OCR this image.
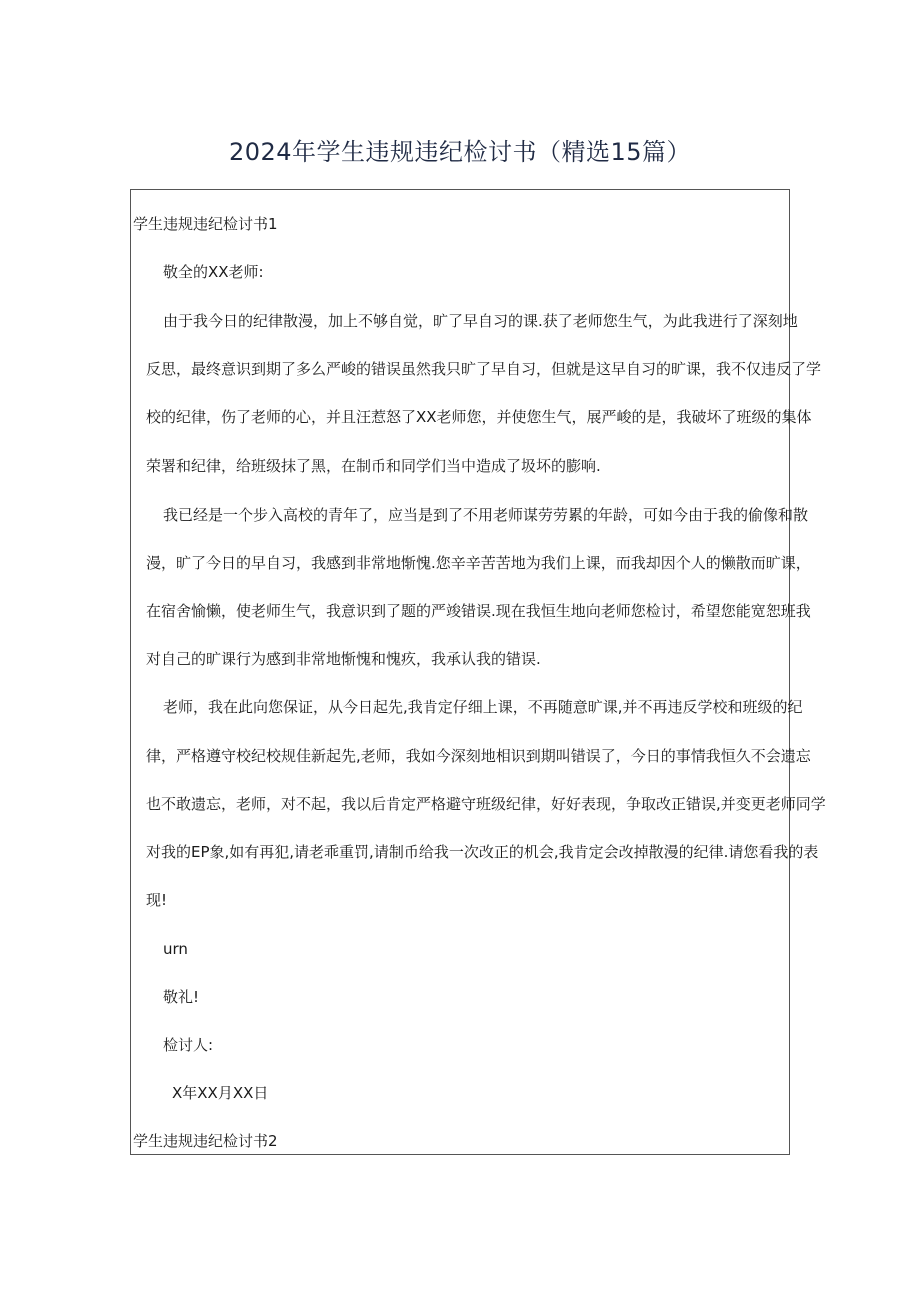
2024年学生违规违纪检讨书（精选15篇）
学生违规违纪检讨书1
敬全的XX老师:
由于我今日的纪律散漫，加上不够自觉，旷了早自习的课.获了老师您生气，为此我进行了深刻地
反思，最终意识到期了多么严峻的错误虽然我只旷了早自习，但就是这早自习的旷课，我不仅违反了学
校的纪律，伤了老师的心，并且汪惹怒了XX老师您，并使您生气，展严峻的是，我破坏了班级的集体
荣署和纪律，给班级抹了黑，在制币和同学们当中造成了圾坏的膨响.
我已经是一个步入高校的青年了，应当是到了不用老师谋劳劳累的年龄，可如今由于我的偷像和散
漫，旷了今日的早自习，我感到非常地惭愧.您辛辛苦苦地为我们上课，而我却因个人的懒散而旷课，
在宿舍愉懒，使老师生气，我意识到了题的严竣错误.现在我恒生地向老师您检讨，希望您能宽恕班我
对自己的旷课行为感到非常地惭愧和愧疚，我承认我的错误.
老师，我在此向您保证，从今日起先,我肯定仔细上课，不再随意旷课,并不再违反学校和班级的纪
律，严格遵守校纪校规佳新起先,老师，我如今深刻地相识到期叫错误了，今日的事情我恒久不会遗忘
也不敢遗忘，老师，对不起，我以后肯定严格避守班级纪律，好好表现，争取改正错误,并变更老师同学
对我的EP象,如有再犯,请老乖重罚,请制币给我一次改正的机会,我肯定会改掉散漫的纪律.请您看我的表
现!
urn
敬礼!
检讨人:
X年XX月XX日
学生违规违纪检讨书2
